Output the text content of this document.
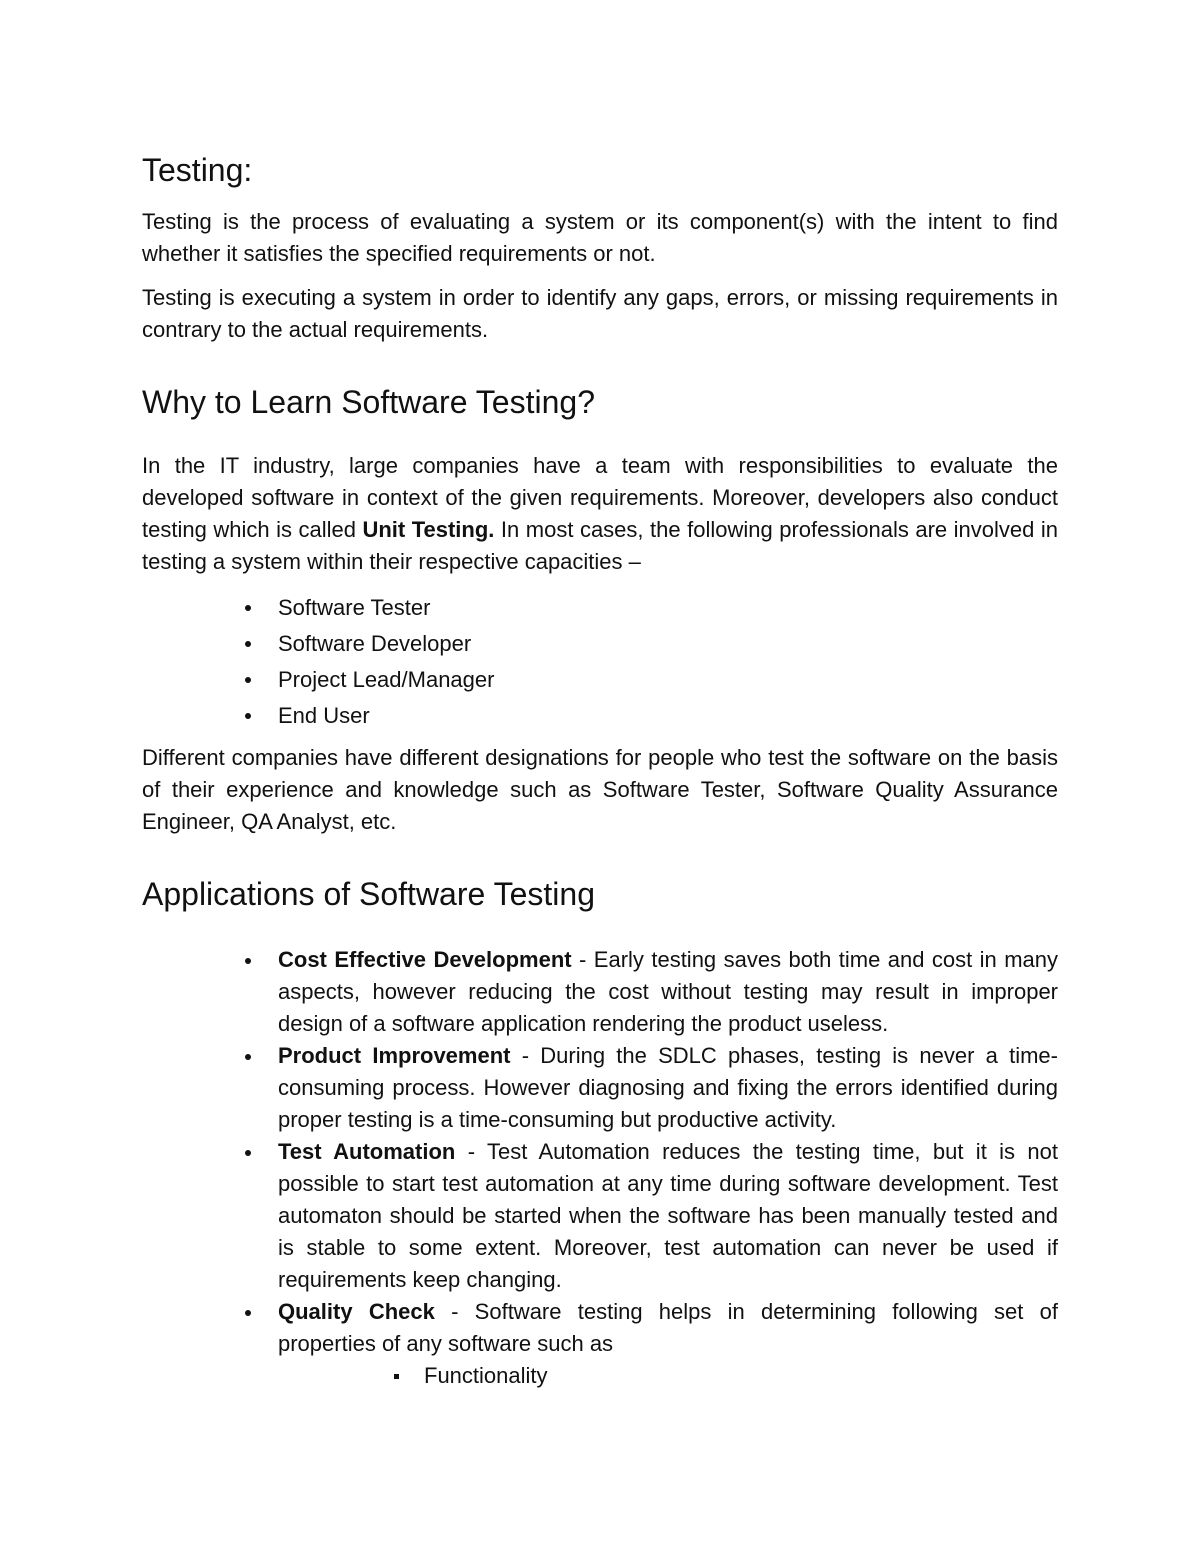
Testing:

Testing is the process of evaluating a system or its component(s) with the intent to find whether it satisfies the specified requirements or not.

Testing is executing a system in order to identify any gaps, errors, or missing requirements in contrary to the actual requirements.

Why to Learn Software Testing?

In the IT industry, large companies have a team with responsibilities to evaluate the developed software in context of the given requirements. Moreover, developers also conduct testing which is called Unit Testing. In most cases, the following professionals are involved in testing a system within their respective capacities –

Software Tester
Software Developer
Project Lead/Manager
End User

Different companies have different designations for people who test the software on the basis of their experience and knowledge such as Software Tester, Software Quality Assurance Engineer, QA Analyst, etc.

Applications of Software Testing
Cost Effective Development - Early testing saves both time and cost in many aspects, however reducing the cost without testing may result in improper design of a software application rendering the product useless.
Product Improvement - During the SDLC phases, testing is never a time-consuming process. However diagnosing and fixing the errors identified during proper testing is a time-consuming but productive activity.
Test Automation - Test Automation reduces the testing time, but it is not possible to start test automation at any time during software development. Test automaton should be started when the software has been manually tested and is stable to some extent. Moreover, test automation can never be used if requirements keep changing.
Quality Check - Software testing helps in determining following set of properties of any software such as
Functionality
